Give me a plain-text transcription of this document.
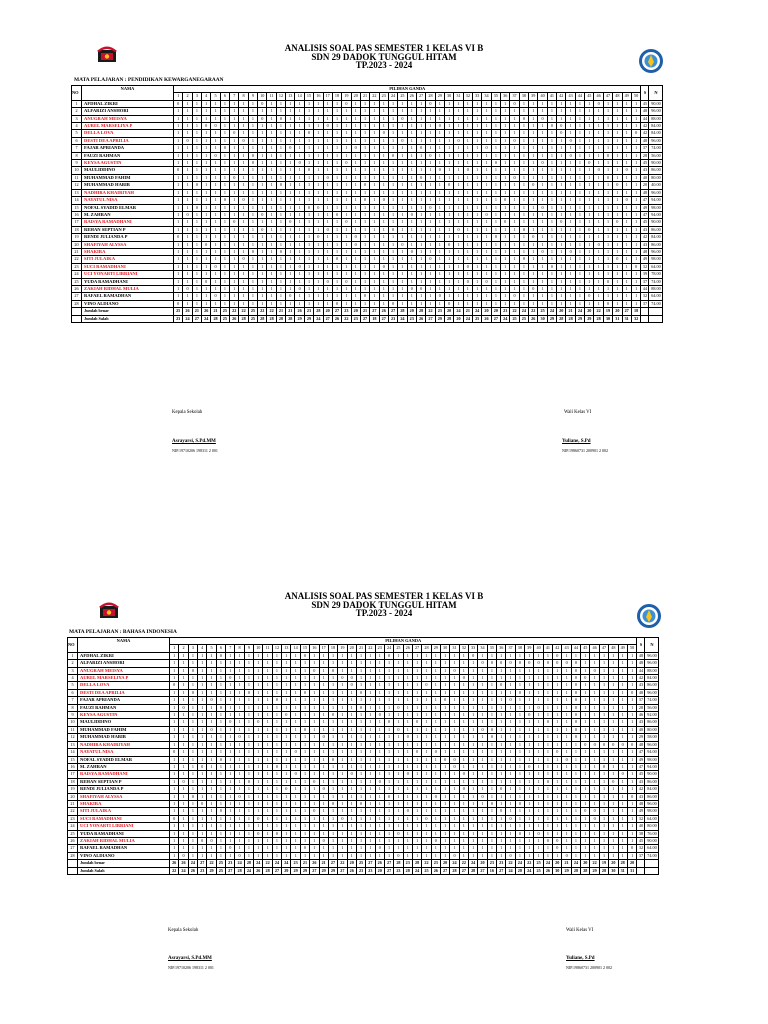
ANALISIS SOAL PAS SEMESTER 1 KELAS VI B
SDN 29 DADOK TUNGGUL HITAM
TP.2023 - 2024
MATA PELAJARAN : PENDIDIKAN KEWARGANEGARAAN
NO	NAMA	PILIHAN GANDA																																																		S	N
		1	2	3	4	5	6	7	8	9	10	11	12	13	14	15	16	17	18	19	20	21	22	23	24	25	26	27	28	29	30	31	32	33	34	35	36	37	38	39	40	41	42	43	44	45	46	47	48	49	50		
1	AFDHAL ZIKRI	0	1	1	1	1	1	1	1	1	0	1	1	1	1	1	1	1	1	0	1	1	1	1	1	1	1	1	0	1	1	1	1	1	1	1	1	0	1	1	1	1	1	1	1	1	0	1	1	1	1	45	90.00
2	ALFARIZI ANSHORI	1	1	1	1	1	1	1	1	1	1	1	1	1	1	1	1	1	1	1	1	1	1	1	1	1	1	1	1	1	1	1	1	1	1	1	1	1	1	1	1	1	1	1	1	1	1	1	1	1	1	48	96.00
3	ANUGRAH MEISYA	1	1	1	1	1	1	1	1	1	0	1	0	1	1	1	1	1	1	1	1	1	1	1	1	0	1	1	1	1	1	1	1	1	1	1	1	1	0	1	0	1	1	1	1	1	1	1	1	1	1	44	88.00
4	AUREL MARSELIYA P	1	1	1	0	0	1	1	1	1	1	1	1	1	1	1	1	0	1	1	1	1	1	1	1	1	1	1	1	0	1	1	1	1	1	1	1	1	1	1	1	0	0	1	1	1	1	1	1	1	1	42	84.00
5	DELLA LOVA	1	1	1	1	1	1	0	1	1	1	1	1	1	1	0	1	1	1	1	1	1	1	0	1	1	1	1	1	1	1	1	1	1	1	1	1	1	1	1	1	1	0	1	1	1	1	1	1	1	0	42	84.00
6	DESTI DEA APRILIA	1	0	1	1	1	1	1	0	1	1	1	1	1	1	1	1	1	1	1	1	1	1	1	1	0	1	1	1	1	1	0	1	1	1	1	1	0	1	1	1	1	1	0	1	1	1	1	1	1	1	48	96.00
7	FAJAR APRIANDA	1	1	1	1	1	0	1	1	1	1	1	1	0	1	1	1	1	1	1	0	1	1	1	1	1	1	0	1	1	1	1	1	1	0	1	1	1	1	1	1	1	1	1	1	1	1	1	1	1	1	37	74.00
8	FAUZI RAHMAN	1	1	1	1	0	1	1	1	0	1	1	1	1	1	1	1	1	1	1	1	1	1	1	0	1	1	1	0	1	1	1	1	1	1	1	1	1	1	1	1	1	1	0	1	1	1	0	1	1	1	28	56.00
9	KEYSA AGUSTIN	1	1	1	1	1	1	1	1	0	1	1	1	1	0	1	1	1	1	0	1	1	1	1	1	1	1	1	1	1	1	1	1	1	1	0	1	1	1	1	0	1	1	1	1	0	1	1	1	1	1	45	90.00
10	MAULIDDINO	0	1	1	1	1	1	1	1	1	1	1	1	1	1	0	1	1	1	1	1	1	1	1	1	1	1	1	1	0	1	1	0	1	1	1	1	1	1	1	1	1	1	1	1	1	0	1	1	0	1	43	86.00
11	MUHAMMAD FAHIM	1	1	1	1	1	1	0	1	1	1	1	1	1	1	1	1	0	1	1	1	1	1	1	1	1	1	0	1	1	1	1	1	1	1	1	1	0	1	1	1	1	1	1	1	1	1	0	1	1	1	40	80.00
12	MUHAMMAD HABIB	1	1	0	1	1	1	1	1	1	1	1	0	1	1	1	1	1	1	1	1	0	1	1	1	1	1	1	1	1	0	1	1	1	1	1	1	1	1	0	1	1	1	1	1	1	1	1	0	1	1	20	40.00
13	NADHIRA KHAIRIYAH	1	1	1	1	1	1	1	1	1	1	1	1	1	1	1	1	1	1	1	1	1	1	1	1	1	1	1	1	1	1	1	1	1	1	1	1	1	1	1	1	1	1	1	1	1	1	1	1	1	1	48	96.00
14	NAYATUL NISA	1	1	1	1	1	0	1	0	1	1	1	1	1	1	1	1	1	1	1	1	0	1	0	1	1	1	1	1	1	1	1	1	1	1	1	0	1	1	1	1	1	1	1	1	1	1	1	1	0	1	47	94.00
15	NOFAL SYADID ELMAR	1	1	0	1	1	1	1	1	1	1	1	1	1	1	0	0	1	1	1	1	1	1	1	1	1	1	1	0	1	1	1	1	1	1	1	1	1	1	1	0	1	1	1	1	1	1	1	1	1	1	49	98.00
16	M. ZAHRAN	1	0	1	1	1	1	1	1	1	0	1	1	1	1	1	1	1	0	1	1	1	1	1	1	1	0	1	1	1	1	1	1	1	0	1	1	1	1	1	1	1	1	1	1	1	1	1	1	1	1	47	94.00
17	RAISYA RAMADHANI	1	1	1	1	1	1	0	1	1	1	1	1	0	1	1	1	1	1	0	1	1	1	1	1	1	1	1	1	1	1	1	1	1	1	1	0	1	1	1	1	1	0	1	1	1	1	1	0	1	1	45	90.00
18	REHAN SEPTIAN P	1	1	1	1	1	1	1	1	1	0	1	1	1	1	1	1	0	1	1	1	1	1	1	0	1	1	1	1	1	1	0	1	1	1	1	1	1	0	1	1	1	1	1	1	0	1	1	1	1	1	43	86.00
19	RENDI JULIANDA P	0	1	1	1	1	1	1	1	1	1	1	1	1	1	1	0	1	1	1	0	1	1	1	1	1	1	1	1	1	1	1	1	1	1	0	1	1	1	0	1	1	1	1	1	1	1	1	1	1	1	42	84.00
20	SHAFIYAH ALYSSA	1	1	1	0	1	1	1	1	1	1	1	1	1	1	1	1	1	1	1	0	1	1	1	1	0	1	1	1	1	0	1	1	1	1	1	1	1	1	1	1	1	1	1	1	1	0	1	1	1	1	43	86.00
21	SHAKIRA	1	1	1	1	1	1	1	1	0	1	1	0	1	1	1	1	1	1	1	1	1	1	1	1	1	0	1	1	1	1	1	1	1	1	1	1	1	1	1	0	1	1	0	1	1	1	1	1	1	1	48	96.00
22	SITI JULAIKA	1	1	1	1	1	1	1	0	1	1	1	1	1	1	1	1	1	0	1	1	1	1	1	1	1	1	1	0	1	1	1	1	1	1	1	1	1	0	1	1	1	1	1	1	1	1	1	0	1	1	49	98.00
23	SUCI RAMADHANI	1	1	1	1	0	1	1	1	1	1	1	1	1	0	1	1	1	1	1	1	1	1	0	1	1	1	1	1	1	1	1	0	1	1	1	1	1	1	1	1	0	1	1	1	1	1	1	1	1	0	32	64.00
24	UCI YONARTI LIBRIANI	1	1	1	1	1	1	1	1	1	1	1	1	1	1	1	1	1	1	1	1	1	1	1	1	1	1	1	1	1	1	1	1	1	1	1	1	1	1	1	1	1	1	1	1	1	1	1	1	1	1	39	78.00
25	YUDA RAMADHANI	1	1	1	0	1	1	1	1	1	1	1	1	1	1	1	1	0	1	0	1	1	1	1	1	1	1	1	1	1	1	1	0	1	0	1	1	1	1	1	1	1	1	1	1	1	1	0	1	1	1	37	74.00
26	ZAKIAH RIDHAL MULIA	1	0	1	1	1	1	1	1	1	1	1	1	1	0	1	1	1	1	1	1	1	1	1	1	1	0	0	1	1	1	1	1	1	1	1	1	1	1	0	1	1	1	1	1	1	1	1	1	1	1	44	88.00
27	RAFAEL RAMADHAN	1	1	1	1	0	1	1	1	1	1	1	1	0	1	1	1	1	1	1	1	0	1	1	1	1	1	1	1	0	1	1	1	1	1	1	1	0	1	1	1	1	1	1	1	0	1	1	1	1	1	32	64.00
28	VINO ALDIANO	0	1	1	1	1	1	1	1	1	1	1	1	1	1	1	1	1	0	1	1	1	1	1	0	1	1	1	1	1	0	1	1	1	1	1	1	1	1	1	1	1	1	1	1	1	1	0	1	1	1	37	74.00
	Jumlah benar	25	26	21	26	21	25	22	22	25	22	22	21	21	26	23	28	20	27	23	20	21	27	26	27	28	20	28	22	23	20	24	21	24	20	20	23	22	24	22	25	24	20	21	24	20	22	19	20	27	18		
	Jumlah Salah	23	24	27	24	28	25	26	28	25	28	28	28	28	29	29	24	27	26	22	23	27	18	27	23	24	23	26	27	29	28	20	24	25	26	27	24	25	25	26	30	29	28	28	29	29	28	30	31	31	32		
Kepala Sekolah
Asrayarsi, S.Pd.MM
NIP.19710206 198311 2 001
Wali Kelas VI
Yuliane, S.Pd
NIP.19860731 200901 2 002
ANALISIS SOAL PAS SEMESTER 1 KELAS VI B
SDN 29 DADOK TUNGGUL HITAM
TP.2023 - 2024
MATA PELAJARAN : BAHASA INDONESIA
NO	NAMA	PILIHAN GANDA																																																		S	N
		1	2	3	4	5	6	7	8	9	10	11	12	13	14	15	16	17	18	19	20	21	22	23	24	25	26	27	28	29	30	31	32	33	34	35	36	37	38	39	40	41	42	43	44	45	46	47	48	49	50		
1	AFDHAL ZIKRI	1	1	1	1	1	0	1	1	1	1	1	1	1	1	0	1	1	1	1	1	1	1	1	0	1	1	1	1	1	1	1	1	0	1	1	1	1	1	1	1	1	0	1	1	1	1	1	1	1	1	48	96.00
2	ALFARIZI ANSHORI	1	1	1	1	1	1	1	1	1	1	1	1	1	1	1	1	1	1	1	1	1	1	1	1	1	1	1	1	1	1	1	1	1	0	0	0	0	0	0	0	0	0	0	0	1	1	1	1	1	1	48	96.00
3	ANUGRAH MEISYA	1	1	0	1	1	1	1	1	1	1	1	1	1	1	1	0	1	0	1	1	1	1	1	1	1	1	1	1	1	1	0	1	1	1	1	1	1	1	1	1	1	1	1	0	1	0	1	1	1	1	44	88.00
4	AUREL MARSELIYA P	1	1	1	1	1	1	0	1	1	1	1	1	1	1	1	1	1	1	0	0	1	1	1	1	1	1	1	1	1	1	1	0	1	1	1	1	1	1	1	1	1	1	1	0	0	1	1	1	1	1	42	84.00
5	DELLA LOVA	0	1	1	1	1	1	1	1	1	1	1	1	1	1	1	1	1	1	1	0	1	1	1	1	1	1	1	0	1	1	1	1	1	1	1	0	1	1	1	1	1	1	1	0	1	1	1	1	1	1	43	86.00
6	DESTI DEA APRILIA	1	1	0	1	1	1	1	1	0	1	1	1	1	1	0	1	1	1	1	1	0	1	1	1	1	1	1	1	1	1	1	1	1	1	1	1	1	0	1	1	1	1	1	0	1	1	1	1	1	0	48	96.00
7	FAJAR APRIANDA	1	1	1	1	0	1	1	1	1	1	1	0	1	1	1	1	1	1	1	1	1	1	1	1	1	1	1	1	1	0	1	1	1	1	1	1	0	1	1	1	1	1	1	0	1	1	1	1	1	1	37	74.00
8	FAUZI RAHMAN	1	0	1	1	1	0	1	1	1	1	1	1	1	1	1	1	1	1	1	1	0	1	1	1	0	1	1	1	1	1	1	1	1	1	1	1	1	1	1	0	1	1	1	0	1	1	1	1	1	1	28	56.00
9	KEYSA AGUSTIN	1	1	1	1	1	1	1	1	1	1	1	1	0	1	1	1	1	0	1	1	1	1	0	1	1	1	1	1	1	1	1	1	1	1	1	1	1	1	0	1	1	1	1	0	1	1	1	1	1	1	46	92.00
10	MAULIDDINO	1	1	1	1	1	1	0	1	1	0	1	1	1	1	1	1	1	1	1	1	1	1	1	0	1	1	0	1	1	1	1	1	1	1	1	1	1	1	1	1	0	1	1	0	1	1	1	1	1	1	43	86.00
11	MUHAMMAD FAHIM	1	1	1	1	0	1	1	1	1	1	1	1	1	1	0	1	1	1	1	1	1	1	1	1	0	1	1	1	1	1	1	1	1	0	0	1	1	1	1	1	1	1	1	0	1	1	1	1	1	1	40	80.00
12	MUHAMMAD HABIB	1	1	1	1	1	1	1	0	1	1	1	1	1	1	1	1	0	1	1	1	1	1	1	1	1	0	1	1	1	1	1	1	1	1	0	1	1	1	1	1	1	1	1	0	1	1	1	1	1	1	29	58.00
13	NADHIRA KHAIRIYAH	1	1	1	1	1	1	1	1	1	1	1	1	1	1	1	1	1	1	1	1	1	1	1	1	1	1	1	1	1	1	1	1	1	1	1	1	1	1	1	1	1	1	1	1	0	0	0	0	0	0	48	96.00
14	NAYATUL NISA	0	1	1	1	1	1	1	1	1	1	1	1	1	0	1	1	1	1	1	1	1	1	1	1	1	1	0	1	0	1	1	1	1	1	1	1	1	1	1	1	1	0	1	1	1	1	1	1	1	1	47	94.00
15	NOFAL SYADID ELMAR	1	1	1	1	1	0	1	1	1	1	1	1	1	1	1	1	1	0	1	1	1	1	1	1	1	1	1	1	1	0	0	1	1	1	1	1	1	1	1	1	1	1	0	1	1	1	1	1	1	1	49	98.00
16	M. ZAHRAN	1	1	1	0	1	1	1	1	1	1	1	0	1	1	1	1	1	1	1	1	1	1	1	1	1	1	1	1	1	1	0	1	1	1	1	1	1	1	0	1	1	1	1	1	1	1	0	1	1	1	47	94.00
17	RAISYA RAMADHANI	1	1	1	1	1	1	1	1	1	1	1	1	1	0	1	1	1	1	1	0	1	1	1	1	1	0	1	1	1	1	1	0	1	1	1	1	1	1	1	1	1	1	1	1	1	1	1	1	0	1	45	90.00
18	REHAN SEPTIAN P	1	0	1	1	1	1	1	1	0	1	1	1	1	1	1	0	1	1	1	1	1	1	0	1	1	1	1	1	1	1	1	1	1	1	1	1	1	1	1	1	0	1	1	1	1	1	1	0	1	1	43	86.00
19	RENDI JULIANDA P	1	1	1	1	1	1	1	1	1	1	1	1	0	1	1	1	0	1	1	1	1	1	1	1	1	1	1	1	1	1	1	0	1	1	1	0	1	1	1	1	1	1	1	1	1	1	1	1	1	1	42	84.00
20	SHAFIYAH ALYSSA	1	1	0	1	1	1	1	0	1	1	1	1	1	1	1	1	1	1	1	1	1	1	1	0	1	1	1	1	0	1	1	1	1	0	1	1	1	1	1	1	1	1	1	1	1	1	1	1	1	0	43	86.00
21	SHAKIRA	1	1	1	0	1	1	1	1	1	1	1	1	1	1	1	1	1	0	1	1	0	1	1	1	1	1	1	1	1	1	1	1	1	1	0	1	1	0	1	1	1	1	1	1	1	1	1	1	1	1	48	96.00
22	SITI JULAIKA	1	1	1	1	1	0	1	1	1	1	1	1	1	1	1	0	1	1	1	1	1	1	1	1	1	0	1	1	1	1	1	1	1	1	1	0	1	1	1	1	1	1	1	1	0	0	1	1	1	1	49	98.00
23	SUCI RAMADHANI	0	1	1	1	1	1	1	1	1	0	1	1	1	1	1	1	1	1	0	1	1	1	1	1	1	1	1	0	1	1	1	1	1	1	1	1	0	1	1	1	1	1	1	1	1	0	1	1	1	1	32	64.00
24	UCI YONARTI LIBRIANI	1	1	1	1	1	1	1	1	1	1	1	1	1	1	1	1	1	1	1	1	1	1	1	1	1	1	1	1	1	1	1	1	1	1	1	1	1	1	1	1	1	1	1	1	1	1	1	1	1	1	40	80.00
25	YUDA RAMADHANI	1	1	1	1	1	1	1	1	1	0	1	0	1	1	1	1	1	1	1	1	1	1	1	1	0	1	1	1	1	1	1	1	1	1	1	1	1	0	1	0	1	1	1	1	1	1	1	1	1	1	38	76.00
26	ZAKIAH RIDHAL MULIA	1	1	1	0	0	1	1	1	1	1	1	1	1	1	1	1	0	1	1	1	1	1	1	1	1	1	1	1	0	1	1	1	1	1	1	1	1	1	1	1	0	0	1	1	1	1	1	1	1	1	45	90.00
27	RAFAEL RAMADHAN	1	1	1	1	1	1	0	1	1	1	1	1	1	1	0	1	1	1	1	1	1	1	0	1	1	1	1	1	1	1	1	1	1	1	1	1	1	1	1	1	1	0	1	1	1	1	1	1	1	0	32	64.00
28	VINO ALDIANO	1	0	1	1	1	1	1	0	1	1	1	1	1	1	1	1	1	1	1	1	1	1	1	1	0	1	1	1	1	1	0	1	1	1	1	1	0	1	1	1	1	1	0	1	1	1	1	1	1	1	37	74.00
	Jumlah benar	26	26	24	27	22	25	23	24	28	24	22	24	24	23	21	26	21	27	22	20	25	27	26	27	28	23	28	22	23	20	24	22	24	20	23	23	22	24	22	25	24	20	21	24	20	22	19	20	28	20		
	Jumlah Salah	22	24	26	23	29	25	27	28	24	26	28	27	29	29	29	27	29	29	27	26	23	23	20	27	23	28	24	25	26	27	28	27	28	27	16	27	24	28	24	25	26	30	29	28	28	29	28	30	31	31		
Kepala Sekolah
Asrayarsi, S.Pd.MM
NIP.19710206 198311 2 001
Wali Kelas VI
Yuliane, S.Pd
NIP.19860731 200901 2 002
